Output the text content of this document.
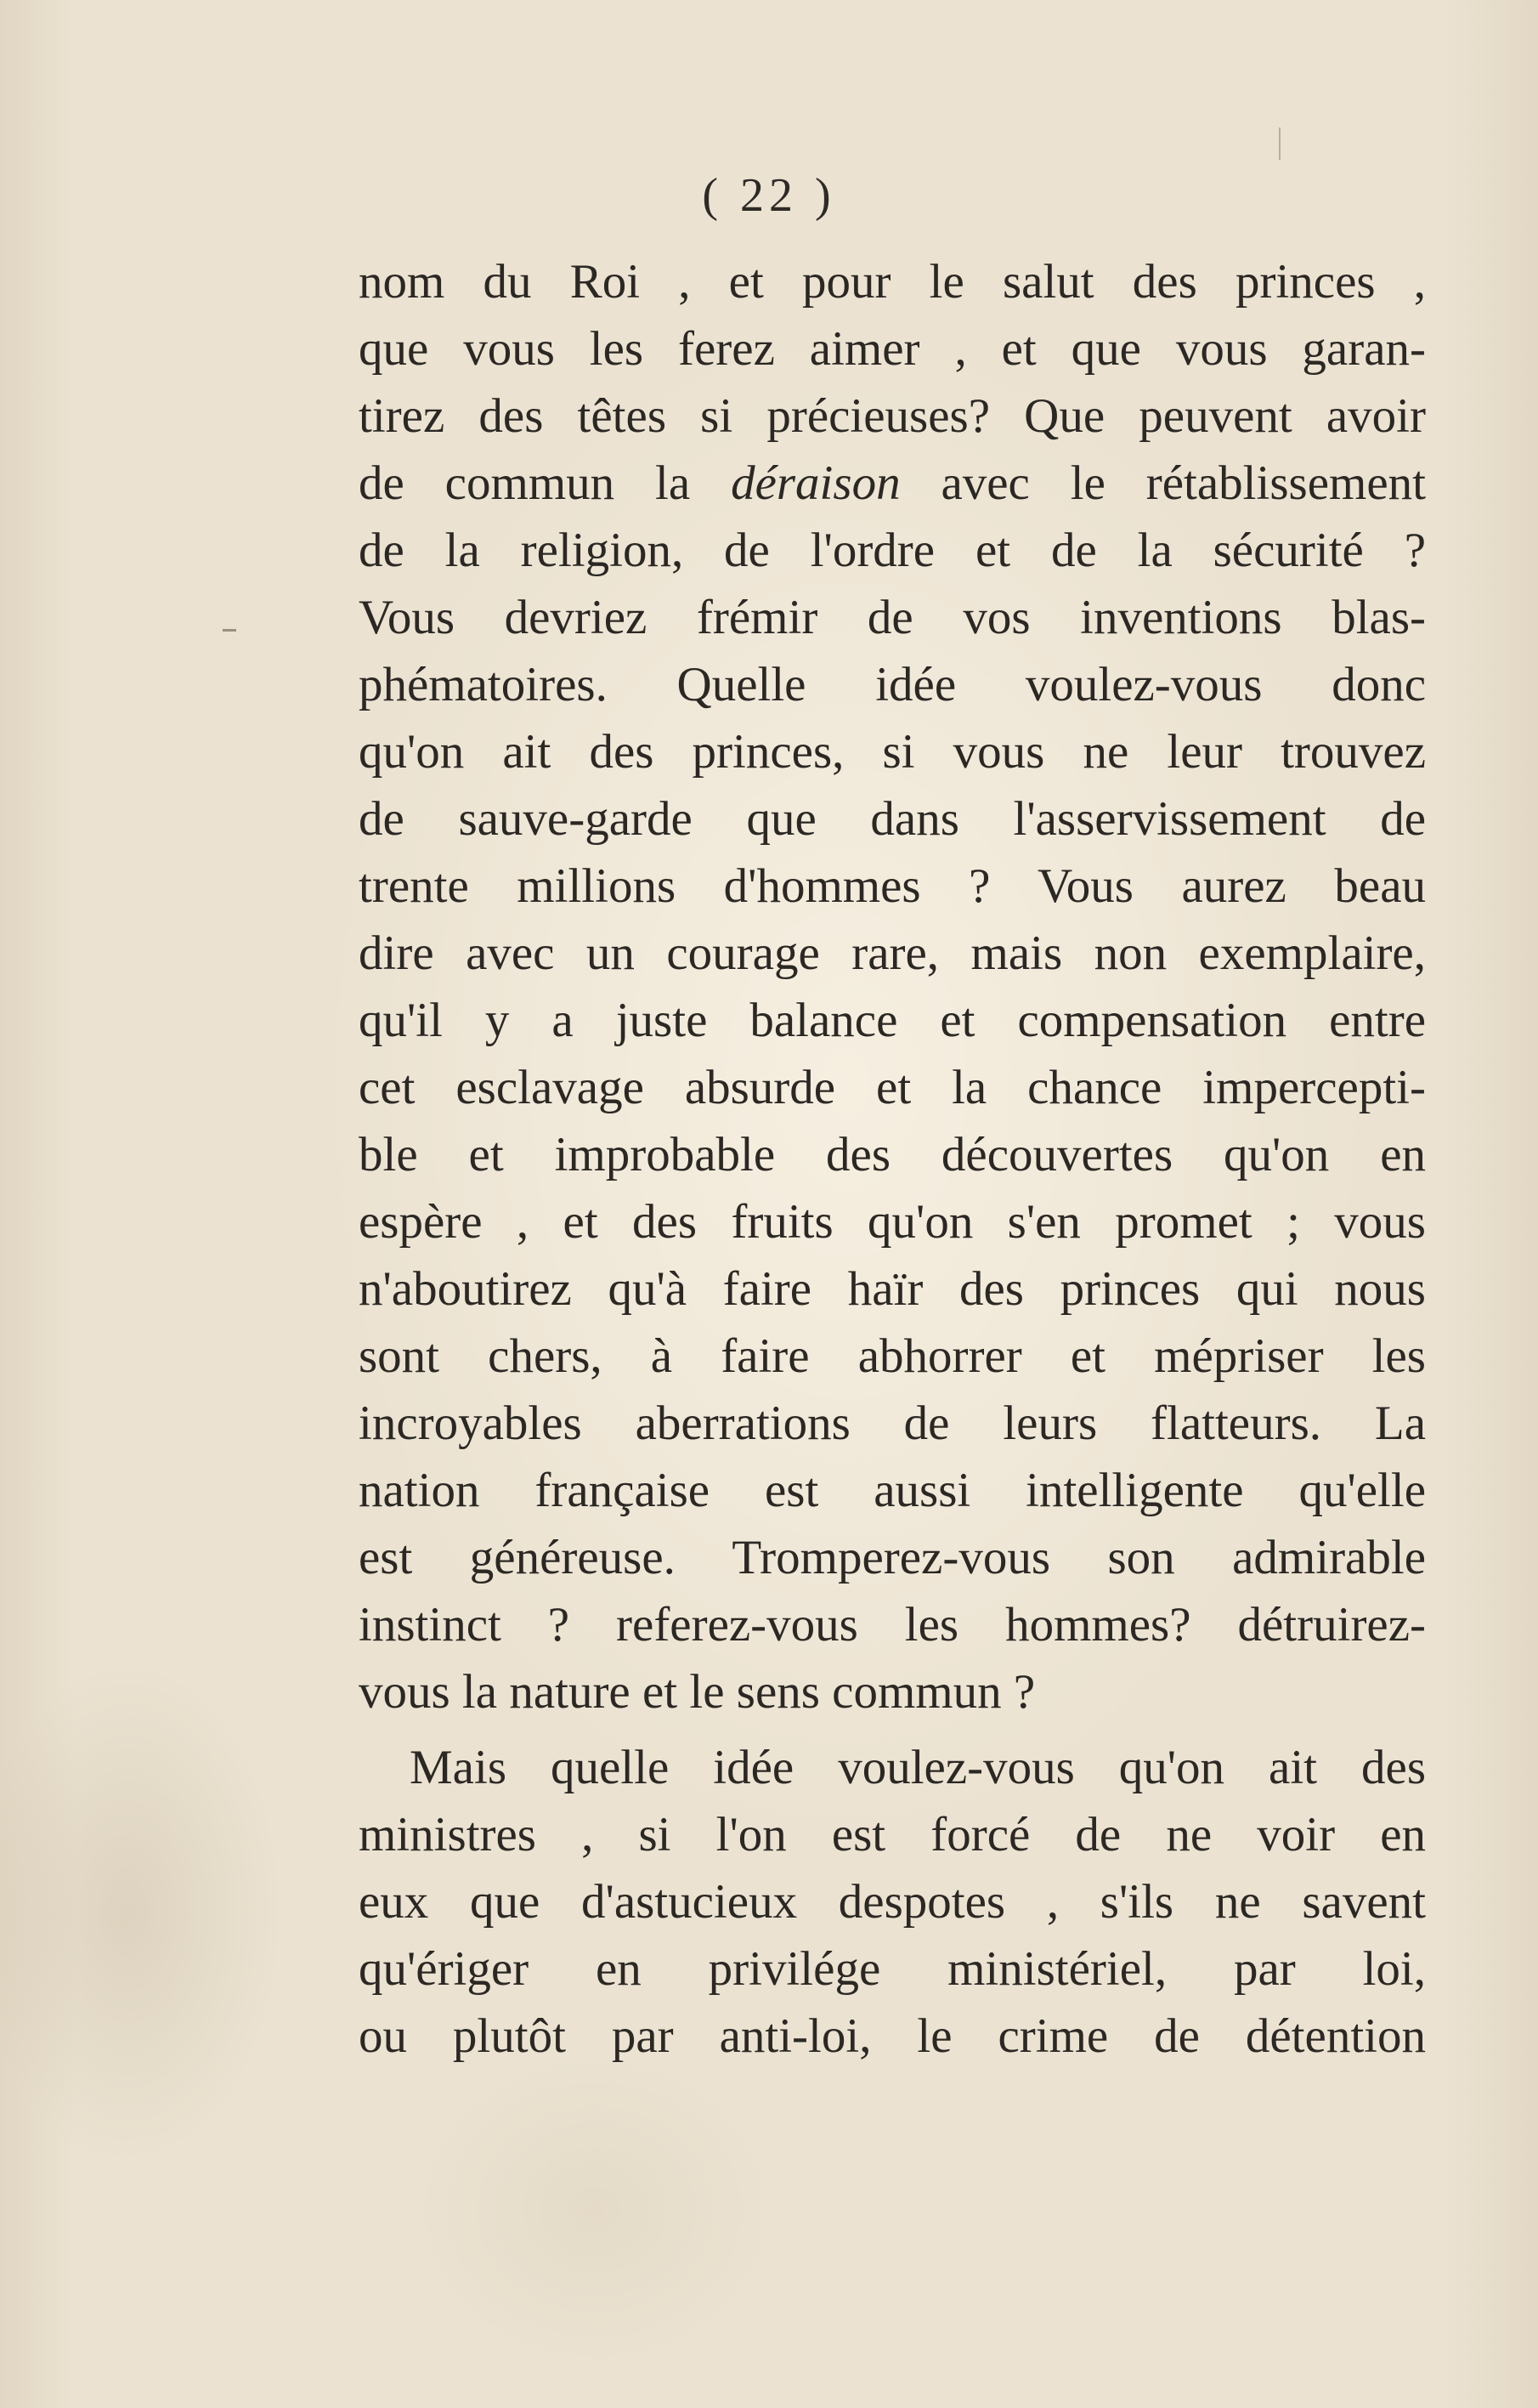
( 22 )
nom du Roi , et pour le salut des princes ,
que vous les ferez aimer , et que vous garan-
tirez des têtes si précieuses? Que peuvent avoir
de commun la déraison avec le rétablissement
de la religion, de l'ordre et de la sécurité ?
Vous devriez frémir de vos inventions blas-
phématoires. Quelle idée voulez-vous donc
qu'on ait des princes, si vous ne leur trouvez
de sauve-garde que dans l'asservissement de
trente millions d'hommes ? Vous aurez beau
dire avec un courage rare, mais non exemplaire,
qu'il y a juste balance et compensation entre
cet esclavage absurde et la chance impercepti-
ble et improbable des découvertes qu'on en
espère , et des fruits qu'on s'en promet ; vous
n'aboutirez qu'à faire haïr des princes qui nous
sont chers, à faire abhorrer et mépriser les
incroyables aberrations de leurs flatteurs. La
nation française est aussi intelligente qu'elle
est généreuse. Tromperez-vous son admirable
instinct ? referez-vous les hommes? détruirez-
vous la nature et le sens commun ?
Mais quelle idée voulez-vous qu'on ait des
ministres , si l'on est forcé de ne voir en
eux que d'astucieux despotes , s'ils ne savent
qu'ériger en privilége ministériel, par loi,
ou plutôt par anti-loi, le crime de détention
